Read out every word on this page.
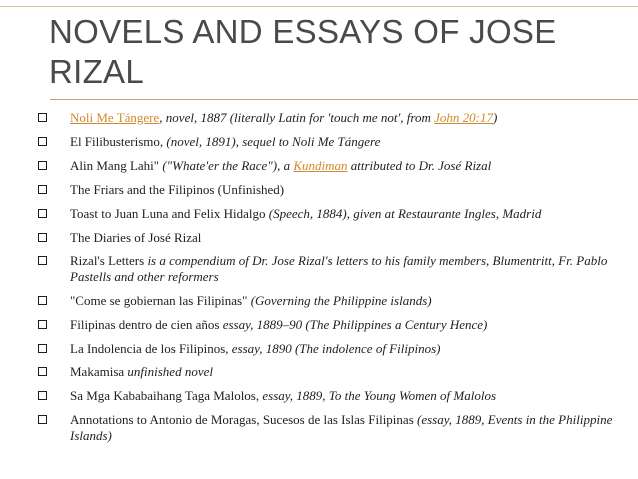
NOVELS AND ESSAYS OF JOSE RIZAL
Noli Me Tángere, novel, 1887 (literally Latin for 'touch me not', from John 20:17)
El Filibusterismo, (novel, 1891), sequel to Noli Me Tángere
Alin Mang Lahi" ("Whate'er the Race"), a Kundiman attributed to Dr. José Rizal
The Friars and the Filipinos (Unfinished)
Toast to Juan Luna and Felix Hidalgo (Speech, 1884), given at Restaurante Ingles, Madrid
The Diaries of José Rizal
Rizal's Letters is a compendium of Dr. Jose Rizal's letters to his family members, Blumentritt, Fr. Pablo Pastells and other reformers
"Come se gobiernan las Filipinas" (Governing the Philippine islands)
Filipinas dentro de cien años essay, 1889–90 (The Philippines a Century Hence)
La Indolencia de los Filipinos, essay, 1890 (The indolence of Filipinos)
Makamisa unfinished novel
Sa Mga Kababaihang Taga Malolos, essay, 1889, To the Young Women of Malolos
Annotations to Antonio de Moragas, Sucesos de las Islas Filipinas (essay, 1889, Events in the Philippine Islands)
